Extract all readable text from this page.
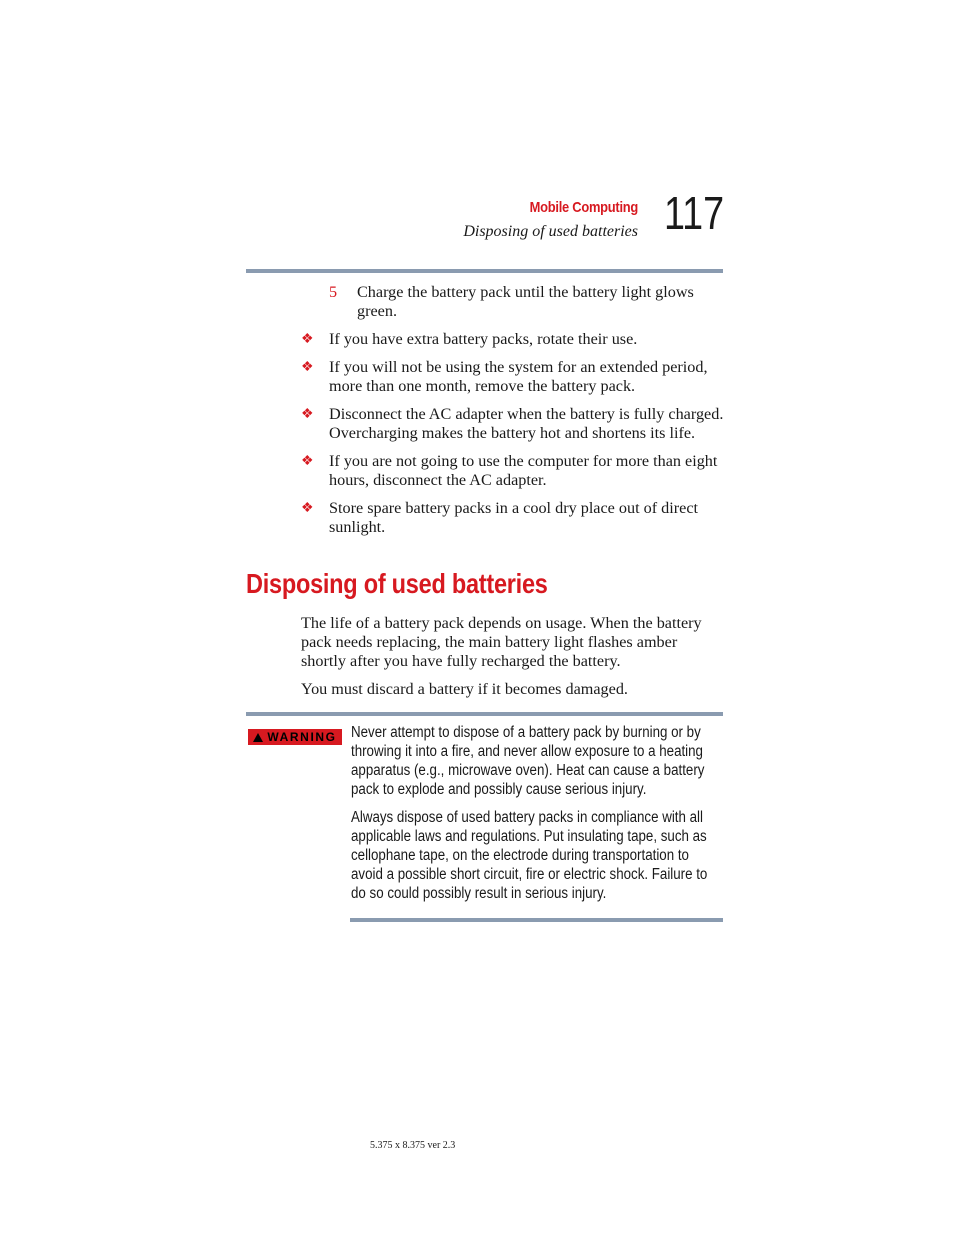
Mobile Computing
Disposing of used batteries 117
5 Charge the battery pack until the battery light glows green.
❖ If you have extra battery packs, rotate their use.
❖ If you will not be using the system for an extended period, more than one month, remove the battery pack.
❖ Disconnect the AC adapter when the battery is fully charged. Overcharging makes the battery hot and shortens its life.
❖ If you are not going to use the computer for more than eight hours, disconnect the AC adapter.
❖ Store spare battery packs in a cool dry place out of direct sunlight.
Disposing of used batteries
The life of a battery pack depends on usage. When the battery pack needs replacing, the main battery light flashes amber shortly after you have fully recharged the battery.
You must discard a battery if it becomes damaged.
WARNING Never attempt to dispose of a battery pack by burning or by throwing it into a fire, and never allow exposure to a heating apparatus (e.g., microwave oven). Heat can cause a battery pack to explode and possibly cause serious injury.
Always dispose of used battery packs in compliance with all applicable laws and regulations. Put insulating tape, such as cellophane tape, on the electrode during transportation to avoid a possible short circuit, fire or electric shock. Failure to do so could possibly result in serious injury.
5.375 x 8.375 ver 2.3
